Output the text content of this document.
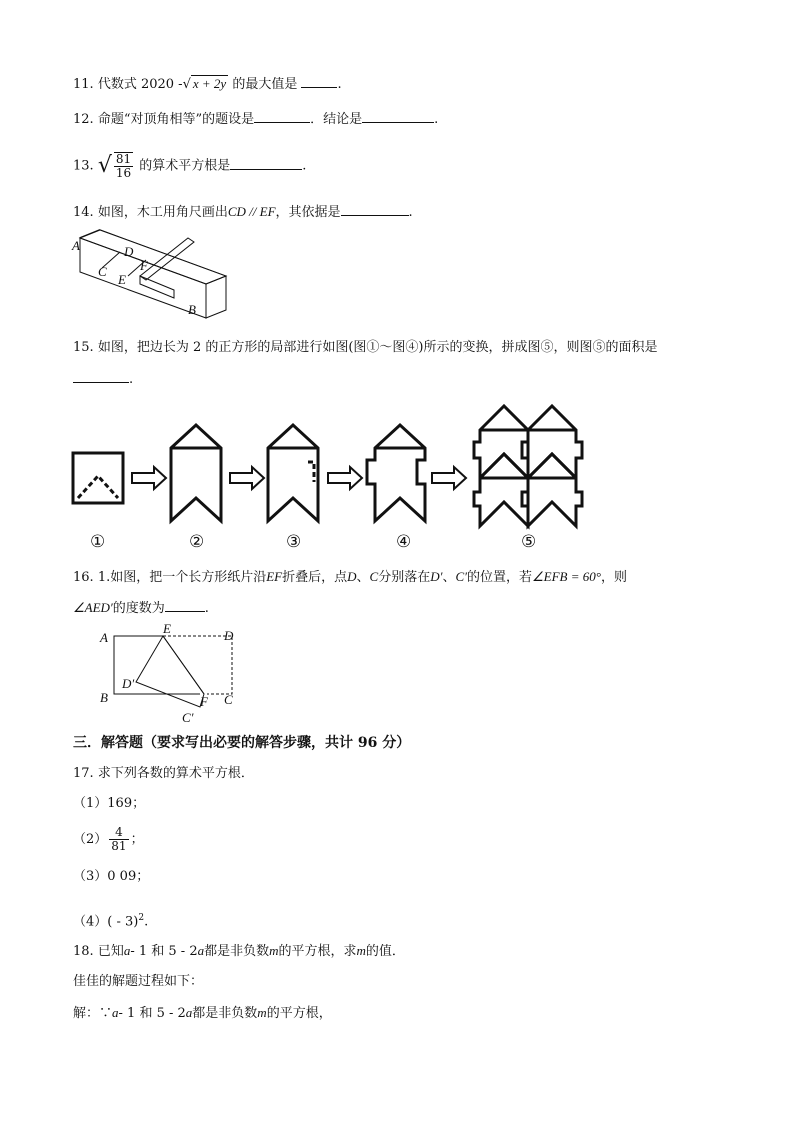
11. 代数式 2020 -√ x + 2y 的最大值是	.
12. 命题“对顶角相等”的题设是	．结论是	.
13. √ $\frac{81}{16}$ 的算术平方根是	.
14. 如图，木工用角尺画出CD // EF，其依据是	.
A
B
C
D
E
F
15. 如图，把边长为 2 的正方形的局部进行如图(图①～图④)所示的变换，拼成图⑤，则图⑤的面积是
.
①	②	③	④	⑤
16. 1.如图，把一个长方形纸片沿EF折叠后，点D、C分别落在D′、C′的位置，若∠EFB = 60°，则
∠AED′的度数为	.
A
B	C
D
E
F
D′
C′
三．解答题（要求写出必要的解答步骤，共计 96 分）
17. 求下列各数的算术平方根．
（1）169；
$(2) \frac{4}{81}$ ；
（3）0 09；
（4）( - 3)$^2$.
18. 已知a- 1 和 5 - 2a都是非负数m的平方根，求m的值．
佳佳的解题过程如下：
解：∵a- 1 和 5 - 2a都是非负数m的平方根，
